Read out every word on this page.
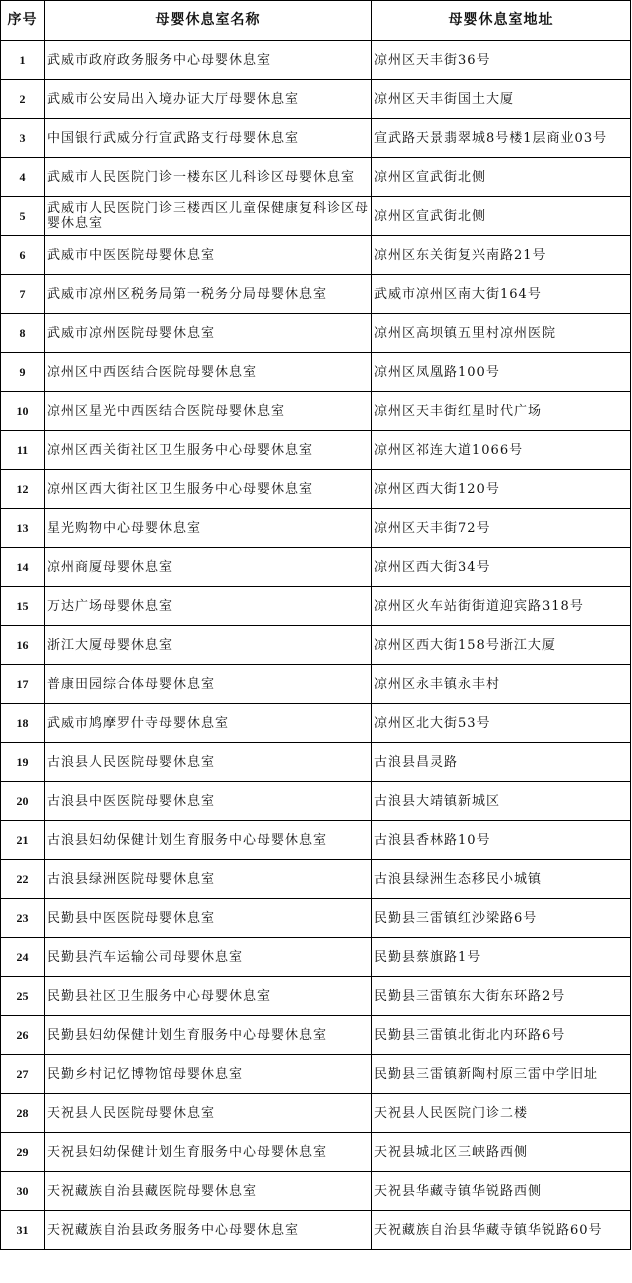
序号	母婴休息室名称	母婴休息室地址
1	武威市政府政务服务中心母婴休息室	凉州区天丰街36号
2	武威市公安局出入境办证大厅母婴休息室	凉州区天丰街国土大厦
3	中国银行武威分行宣武路支行母婴休息室	宣武路天景翡翠城8号楼1层商业03号
4	武威市人民医院门诊一楼东区儿科诊区母婴休息室	凉州区宣武街北侧
5	武威市人民医院门诊三楼西区儿童保健康复科诊区母婴休息室	凉州区宣武街北侧
6	武威市中医医院母婴休息室	凉州区东关街复兴南路21号
7	武威市凉州区税务局第一税务分局母婴休息室	武威市凉州区南大街164号
8	武威市凉州医院母婴休息室	凉州区高坝镇五里村凉州医院
9	凉州区中西医结合医院母婴休息室	凉州区凤凰路100号
10	凉州区星光中西医结合医院母婴休息室	凉州区天丰街红星时代广场
11	凉州区西关街社区卫生服务中心母婴休息室	凉州区祁连大道1066号
12	凉州区西大街社区卫生服务中心母婴休息室	凉州区西大街120号
13	星光购物中心母婴休息室	凉州区天丰街72号
14	凉州商厦母婴休息室	凉州区西大街34号
15	万达广场母婴休息室	凉州区火车站街街道迎宾路318号
16	浙江大厦母婴休息室	凉州区西大街158号浙江大厦
17	普康田园综合体母婴休息室	凉州区永丰镇永丰村
18	武威市鸠摩罗什寺母婴休息室	凉州区北大街53号
19	古浪县人民医院母婴休息室	古浪县昌灵路
20	古浪县中医医院母婴休息室	古浪县大靖镇新城区
21	古浪县妇幼保健计划生育服务中心母婴休息室	古浪县香林路10号
22	古浪县绿洲医院母婴休息室	古浪县绿洲生态移民小城镇
23	民勤县中医医院母婴休息室	民勤县三雷镇红沙梁路6号
24	民勤县汽车运输公司母婴休息室	民勤县蔡旗路1号
25	民勤县社区卫生服务中心母婴休息室	民勤县三雷镇东大街东环路2号
26	民勤县妇幼保健计划生育服务中心母婴休息室	民勤县三雷镇北街北内环路6号
27	民勤乡村记忆博物馆母婴休息室	民勤县三雷镇新陶村原三雷中学旧址
28	天祝县人民医院母婴休息室	天祝县人民医院门诊二楼
29	天祝县妇幼保健计划生育服务中心母婴休息室	天祝县城北区三峡路西侧
30	天祝藏族自治县藏医院母婴休息室	天祝县华藏寺镇华锐路西侧
31	天祝藏族自治县政务服务中心母婴休息室	天祝藏族自治县华藏寺镇华锐路60号
